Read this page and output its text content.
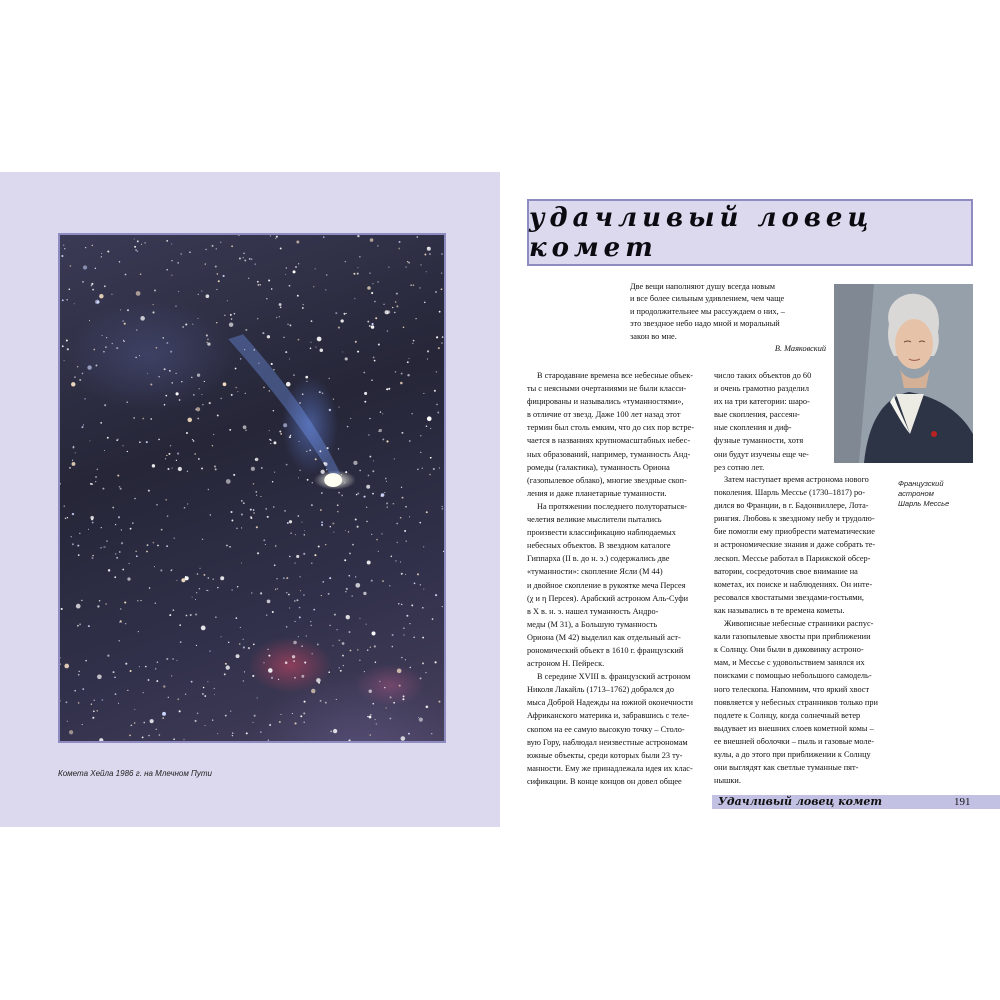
Комета Хейла 1986 г. на Млечном Пути
удачливый ловец комет
Две вещи наполняют душу всегда новым
и все более сильным удивлением, чем чаще
и продолжительнее мы рассуждаем о них, –
это звездное небо надо мной и моральный
закон во мне.
В. Маяковский
Французский
астроном
Шарль Мессье
В стародавние времена все небесные объек-
ты с неясными очертаниями не были класси-
фицированы и назывались «туманностями»,
в отличие от звезд. Даже 100 лет назад этот
термин был столь емким, что до сих пор встре-
чается в названиях крупномасштабных небес-
ных образований, например, туманность Анд-
ромеды (галактика), туманность Ориона
(газопылевое облако), многие звездные скоп-
ления и даже планетарные туманности.
На протяжении последнего полуторатыся-
челетия великие мыслители пытались
произвести классификацию наблюдаемых
небесных объектов. В звездном каталоге
Гиппарха (II в. до н. э.) содержались две
«туманности»: скопление Ясли (М 44)
и двойное скопление в рукоятке меча Персея
(χ и η Персея). Арабский астроном Аль-Суфи
в X в. н. э. нашел туманность Андро-
меды (М 31), а Большую туманность
Ориона (М 42) выделил как отдельный аст-
рономический объект в 1610 г. французский
астроном Н. Пейреск.
В середине XVIII в. французский астроном
Николя Лакайль (1713–1762) добрался до
мыса Доброй Надежды на южной оконечности
Африканского материка и, забравшись с теле-
скопом на ее самую высокую точку – Столо-
вую Гору, наблюдал неизвестные астрономам
южные объекты, среди которых были 23 ту-
манности. Ему же принадлежала идея их клас-
сификации. В конце концов он довел общее
число таких объектов до 60
и очень грамотно разделил
их на три категории: шаро-
вые скопления, рассеян-
ные скопления и диф-
фузные туманности, хотя
они будут изучены еще че-
рез сотню лет.
Затем наступает время астронома нового
поколения. Шарль Мессье (1730–1817) ро-
дился во Франции, в г. Бадонвиллере, Лота-
рингия. Любовь к звездному небу и трудолю-
бие помогли ему приобрести математические
и астрономические знания и даже собрать те-
лескоп. Мессье работал в Парижской обсер-
ватории, сосредоточив свое внимание на
кометах, их поиске и наблюдениях. Он инте-
ресовался хвостатыми звездами-гостьями,
как назывались в те времена кометы.
Живописные небесные странники распус-
кали газопылевые хвосты при приближении
к Солнцу. Они были в диковинку астроно-
мам, и Мессье с удовольствием занялся их
поисками с помощью небольшого самодель-
ного телескопа. Напомним, что яркий хвост
появляется у небесных странников только при
подлете к Солнцу, когда солнечный ветер
выдувает из внешних слоев кометной комы –
ее внешней оболочки – пыль и газовые моле-
кулы, а до этого при приближении к Солнцу
они выглядят как светлые туманные пят-
нышки.
Удачливый ловец комет	191
